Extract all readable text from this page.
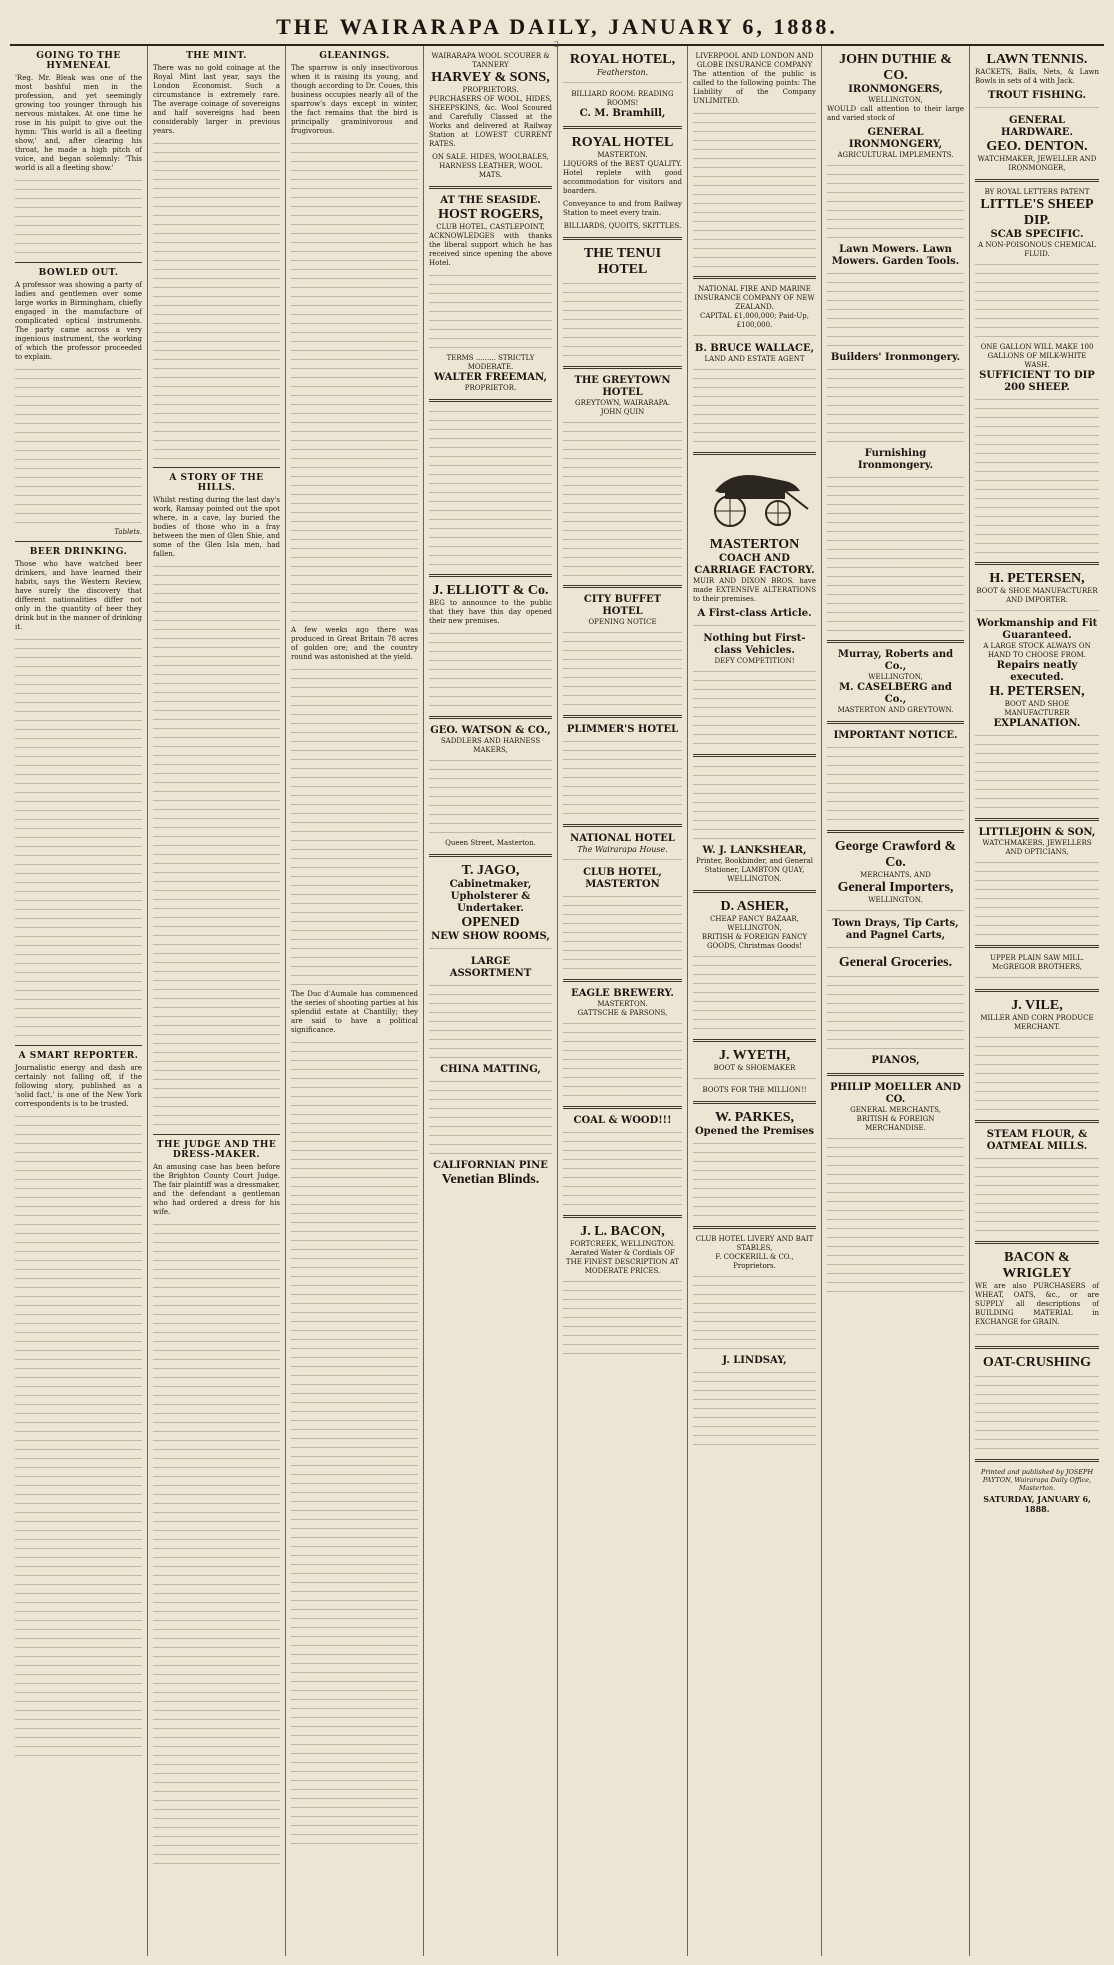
THE WAIRARAPA DAILY, JANUARY 6, 1888.
2
GOING TO THE HYMENEAL

'Reg. Mr. Bleak was one of the most bashful men in the profession, and yet seemingly growing too younger through his nervous mistakes. At one time he rose in his pulpit to give out the hymn: 'This world is all a fleeting show,' and, after clearing his throat, he made a high pitch of voice, and began solemnly: 'This world is all a fleeting show.'

BOWLED OUT.

A professor was showing a party of ladies and gentlemen over some large works in Birmingham, chiefly engaged in the manufacture of complicated optical instruments. The party came across a very ingenious instrument, the working of which the professor proceeded to explain.

Tablets.
BEER DRINKING.

Those who have watched beer drinkers, and have learned their habits, says the Western Review, have surely the discovery that different nationalities differ not only in the quantity of beer they drink but in the manner of drinking it.

A SMART REPORTER.

Journalistic energy and dash are certainly not falling off, if the following story, published as a 'solid fact,' is one of the New York correspondents is to be trusted.

THE MINT.

There was no gold coinage at the Royal Mint last year, says the London Economist. Such a circumstance is extremely rare. The average coinage of sovereigns and half sovereigns had been considerably larger in previous years.

A STORY OF THE HILLS.

Whilst resting during the last day's work, Ramsay pointed out the spot where, in a cave, lay buried the bodies of those who in a fray between the men of Glen Shie, and some of the Glen Isla men, had fallen.

THE JUDGE AND THE DRESS-MAKER.

An amusing case has been before the Brighton County Court Judge. The fair plaintiff was a dressmaker, and the defendant a gentleman who had ordered a dress for his wife.

GLEANINGS.

The sparrow is only insectivorous when it is raising its young, and though according to Dr. Coues, this business occupies nearly all of the sparrow's days except in winter, the fact remains that the bird is principally graminivorous and frugivorous.

A few weeks ago there was produced in Great Britain 78 acres of golden ore; and the country round was astonished at the yield.

The Duc d'Aumale has commenced the series of shooting parties at his splendid estate at Chantilly; they are said to have a political significance.

WAIRARAPA WOOL SCOURER & TANNERY
HARVEY & SONS,
PROPRIETORS.

PURCHASERS OF WOOL, HIDES, SHEEPSKINS, &c. Wool Scoured and Carefully Classed at the Works and delivered at Railway Station at LOWEST CURRENT RATES.

ON SALE. HIDES, WOOLBALES, HARNESS LEATHER, WOOL MATS.
AT THE SEASIDE.
HOST ROGERS,
CLUB HOTEL, CASTLEPOINT,

ACKNOWLEDGES with thanks the liberal support which he has received since opening the above Hotel.

TERMS ......... STRICTLY MODERATE.
WALTER FREEMAN,
PROPRIETOR.
J. ELLIOTT & Co.

BEG to announce to the public that they have this day opened their new premises.

GEO. WATSON & CO.,
SADDLERS AND HARNESS MAKERS,
Queen Street, Masterton.
T. JAGO,
Cabinetmaker, Upholsterer & Undertaker.
OPENED
NEW SHOW ROOMS,
LARGE ASSORTMENT
CHINA MATTING,
CALIFORNIAN PINE
Venetian Blinds.
ROYAL HOTEL,
Featherston.
BILLIARD ROOM: READING ROOMS!
C. M. Bramhill,
ROYAL HOTEL
MASTERTON.

LIQUORS of the BEST QUALITY. Hotel replete with good accommodation for visitors and boarders.

Conveyance to and from Railway Station to meet every train.

BILLIARDS, QUOITS, SKITTLES.
THE TENUI HOTEL
THE GREYTOWN HOTEL
GREYTOWN, WAIRARAPA.
JOHN QUIN
CITY BUFFET HOTEL
OPENING NOTICE
PLIMMER'S HOTEL
NATIONAL HOTEL
The Wairarapa House.
CLUB HOTEL, MASTERTON
EAGLE BREWERY.
MASTERTON.
GATTSCHE & PARSONS,
COAL & WOOD!!!
J. L. BACON,
FORTCREEK, WELLINGTON.
Aerated Water & Cordials OF THE FINEST DESCRIPTION AT MODERATE PRICES.
LIVERPOOL AND LONDON AND GLOBE INSURANCE COMPANY

The attention of the public is called to the following points: The Liability of the Company UNLIMITED.

NATIONAL FIRE AND MARINE INSURANCE COMPANY OF NEW ZEALAND.
CAPITAL £1,000,000; Paid-Up, £100,000.
B. BRUCE WALLACE,
LAND AND ESTATE AGENT
MASTERTON
COACH AND CARRIAGE FACTORY.

MUIR AND DIXON BROS. have made EXTENSIVE ALTERATIONS to their premises.

A First-class Article.
Nothing but First-class Vehicles.
DEFY COMPETITION!
W. J. LANKSHEAR,
Printer, Bookbinder, and General Stationer, LAMBTON QUAY, WELLINGTON.
D. ASHER,
CHEAP FANCY BAZAAR, WELLINGTON,
BRITISH & FOREIGN FANCY GOODS, Christmas Goods!
J. WYETH,
BOOT & SHOEMAKER
BOOTS FOR THE MILLION!!
W. PARKES,
Opened the Premises
CLUB HOTEL LIVERY AND BAIT STABLES,
F. COCKERILL & CO., Proprietors.
J. LINDSAY,
JOHN DUTHIE & CO.
IRONMONGERS,
WELLINGTON,

WOULD call attention to their large and varied stock of

GENERAL IRONMONGERY,
AGRICULTURAL IMPLEMENTS.
Lawn Mowers. Lawn Mowers. Garden Tools.
Builders' Ironmongery.
Furnishing Ironmongery.
Murray, Roberts and Co.,
WELLINGTON,
M. CASELBERG and Co.,
MASTERTON AND GREYTOWN.
IMPORTANT NOTICE.
George Crawford & Co.
MERCHANTS, AND
General Importers,
WELLINGTON.
Town Drays, Tip Carts, and Pagnel Carts,
General Groceries.
PIANOS,
PHILIP MOELLER AND CO.
GENERAL MERCHANTS,
BRITISH & FOREIGN MERCHANDISE.
LAWN TENNIS.

RACKETS, Balls, Nets, & Lawn Bowls in sets of 4 with Jack.

TROUT FISHING.
GENERAL HARDWARE.
GEO. DENTON.
WATCHMAKER, JEWELLER AND IRONMONGER,
BY ROYAL LETTERS PATENT
LITTLE'S SHEEP DIP.
SCAB SPECIFIC.
A NON-POISONOUS CHEMICAL FLUID.
ONE GALLON WILL MAKE 100 GALLONS OF MILK-WHITE WASH.
SUFFICIENT TO DIP 200 SHEEP.
H. PETERSEN,
BOOT & SHOE MANUFACTURER AND IMPORTER.
Workmanship and Fit Guaranteed.
A LARGE STOCK ALWAYS ON HAND TO CHOOSE FROM.
Repairs neatly executed.
H. PETERSEN,
BOOT AND SHOE MANUFACTURER
EXPLANATION.
LITTLEJOHN & SON,
WATCHMAKERS, JEWELLERS AND OPTICIANS,
UPPER PLAIN SAW MILL.
McGREGOR BROTHERS,
J. VILE,
MILLER AND CORN PRODUCE MERCHANT.
STEAM FLOUR, & OATMEAL MILLS.
BACON & WRIGLEY

WE are also PURCHASERS of WHEAT, OATS, &c., or are SUPPLY all descriptions of BUILDING MATERIAL in EXCHANGE for GRAIN.

OAT-CRUSHING
Printed and published by JOSEPH PAYTON, Wairarapa Daily Office, Masterton.
SATURDAY, JANUARY 6, 1888.
